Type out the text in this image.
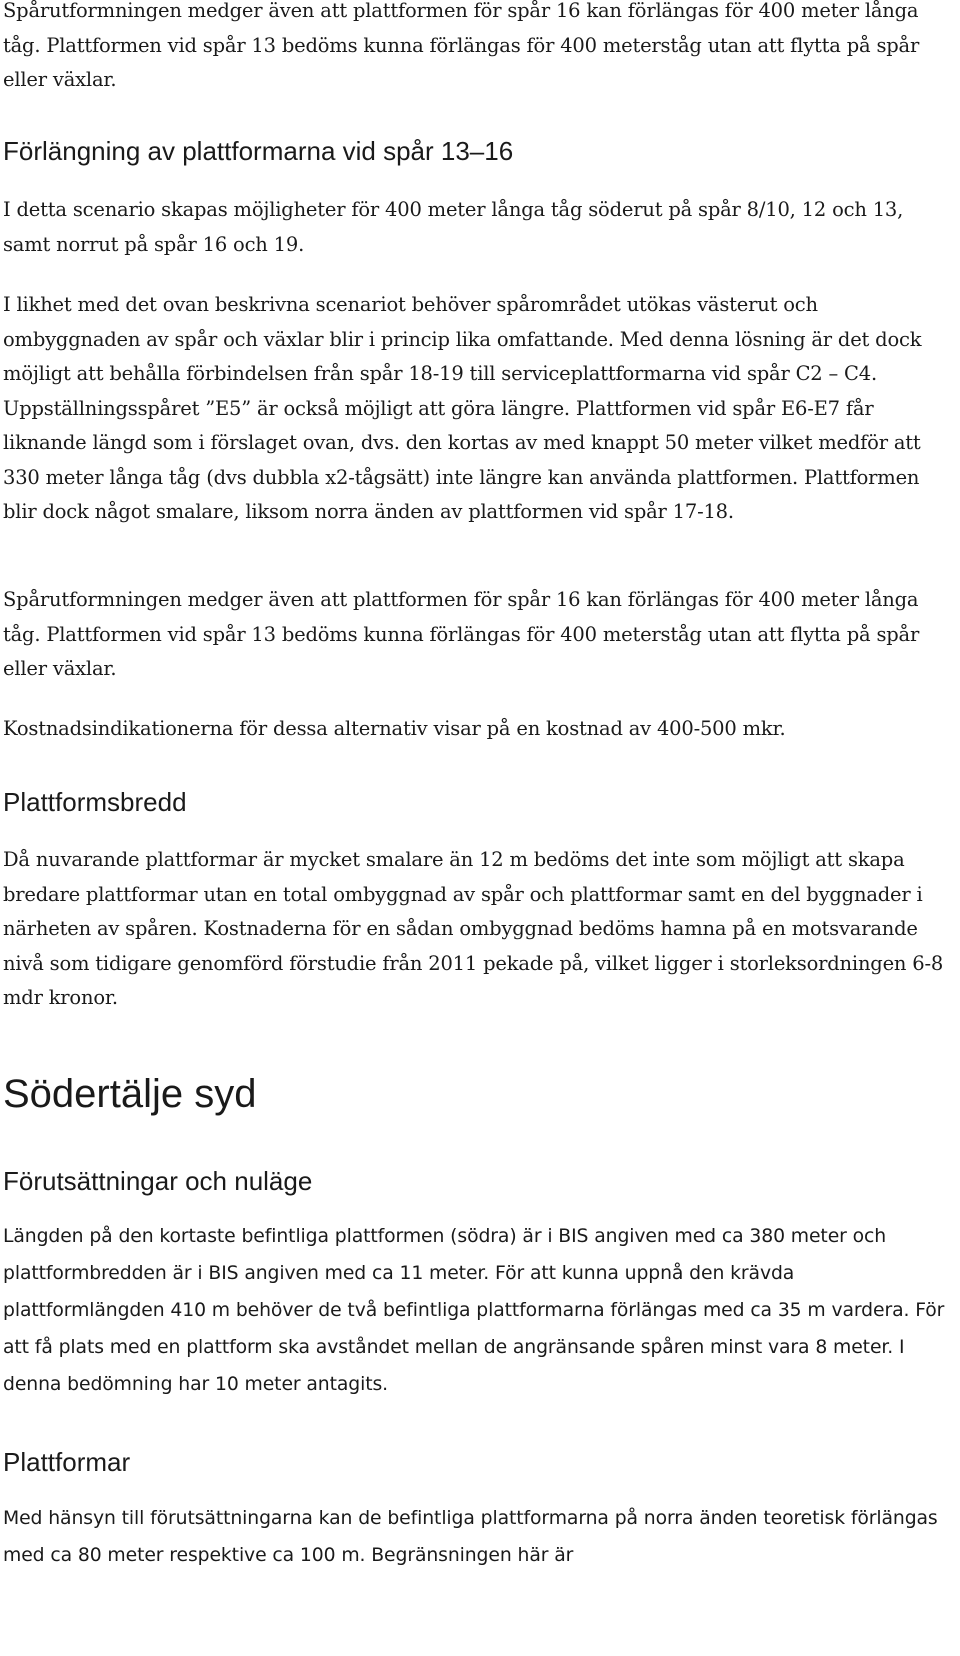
Spårutformningen medger även att plattformen för spår 16 kan förlängas för 400 meter långa tåg. Plattformen vid spår 13 bedöms kunna förlängas för 400 meterståg utan att flytta på spår eller växlar.

Förlängning av plattformarna vid spår 13–16

I detta scenario skapas möjligheter för 400 meter långa tåg söderut på spår 8/10, 12 och 13, samt norrut på spår 16 och 19.

I likhet med det ovan beskrivna scenariot behöver spårområdet utökas västerut och ombyggnaden av spår och växlar blir i princip lika omfattande. Med denna lösning är det dock möjligt att behålla förbindelsen från spår 18-19 till serviceplattformarna vid spår C2 – C4. Uppställningsspåret ”E5” är också möjligt att göra längre. Plattformen vid spår E6-E7 får liknande längd som i förslaget ovan, dvs. den kortas av med knappt 50 meter vilket medför att 330 meter långa tåg (dvs dubbla x2-tågsätt) inte längre kan använda plattformen. Plattformen blir dock något smalare, liksom norra änden av plattformen vid spår 17-18.

Spårutformningen medger även att plattformen för spår 16 kan förlängas för 400 meter långa tåg. Plattformen vid spår 13 bedöms kunna förlängas för 400 meterståg utan att flytta på spår eller växlar.

Kostnadsindikationerna för dessa alternativ visar på en kostnad av 400-500 mkr.

Plattformsbredd

Då nuvarande plattformar är mycket smalare än 12 m bedöms det inte som möjligt att skapa bredare plattformar utan en total ombyggnad av spår och plattformar samt en del byggnader i närheten av spåren. Kostnaderna för en sådan ombyggnad bedöms hamna på en motsvarande nivå som tidigare genomförd förstudie från 2011 pekade på, vilket ligger i storleksordningen 6-8 mdr kronor.

Södertälje syd
Förutsättningar och nuläge

Längden på den kortaste befintliga plattformen (södra) är i BIS angiven med ca 380 meter och plattformbredden är i BIS angiven med ca 11 meter. För att kunna uppnå den krävda plattformlängden 410 m behöver de två befintliga plattformarna förlängas med ca 35 m vardera. För att få plats med en plattform ska avståndet mellan de angränsande spåren minst vara 8 meter. I denna bedömning har 10 meter antagits.

Plattformar

Med hänsyn till förutsättningarna kan de befintliga plattformarna på norra änden teoretisk förlängas med ca 80 meter respektive ca 100 m. Begränsningen här är
